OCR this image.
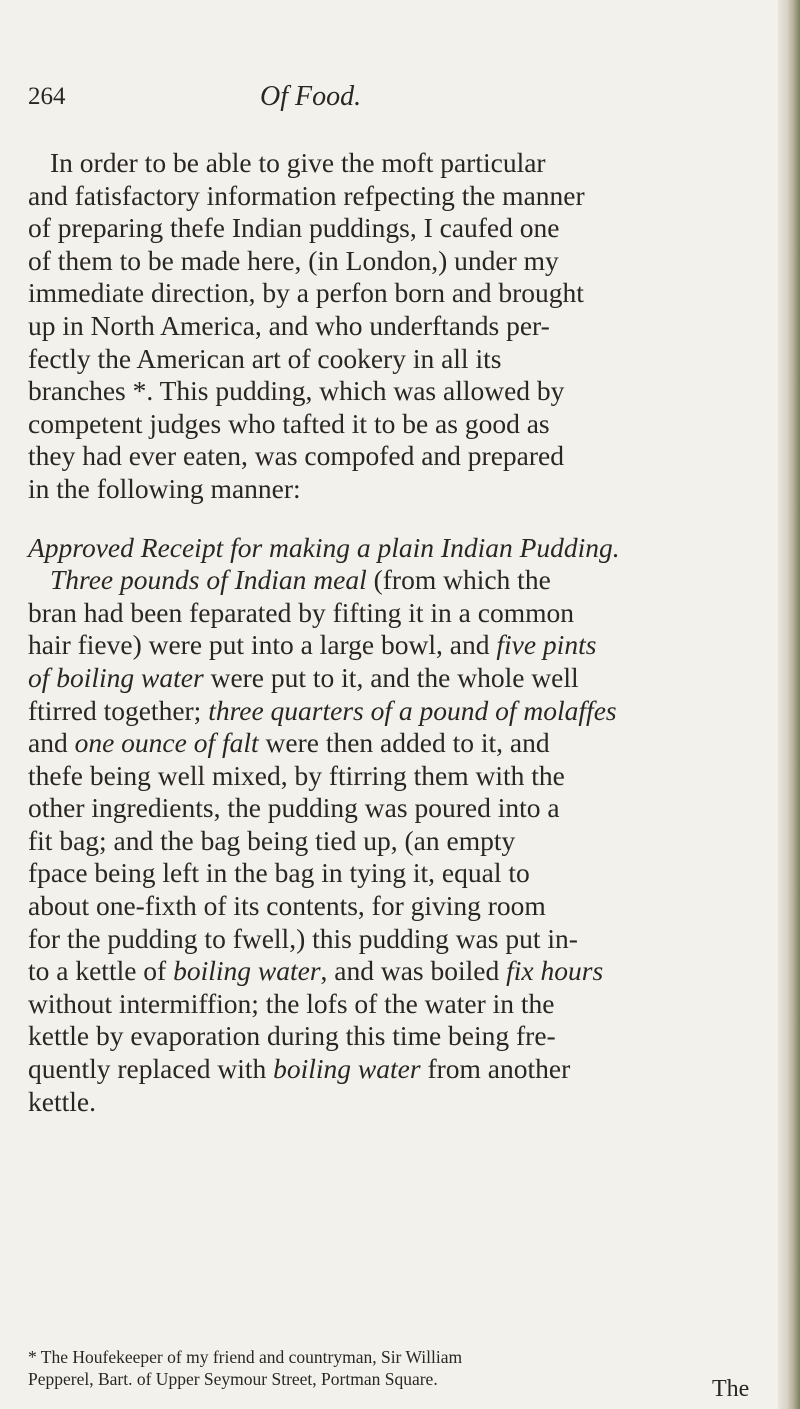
264	Of Food.
In order to be able to give the moft particular
and fatisfactory information refpecting the manner
of preparing thefe Indian puddings, I caufed one
of them to be made here, (in London,) under my
immediate direction, by a perfon born and brought
up in North America, and who underftands per-
fectly the American art of cookery in all its
branches *. This pudding, which was allowed by
competent judges who tafted it to be as good as
they had ever eaten, was compofed and prepared
in the following manner:
Approved Receipt for making a plain Indian Pudding.
Three pounds of Indian meal (from which the
bran had been feparated by fifting it in a common
hair fieve) were put into a large bowl, and five pints
of boiling water were put to it, and the whole well
ftirred together; three quarters of a pound of molaffes
and one ounce of falt were then added to it, and
thefe being well mixed, by ftirring them with the
other ingredients, the pudding was poured into a
fit bag; and the bag being tied up, (an empty
fpace being left in the bag in tying it, equal to
about one-fixth of its contents, for giving room
for the pudding to fwell,) this pudding was put in-
to a kettle of boiling water, and was boiled fix hours
without intermiffion; the lofs of the water in the
kettle by evaporation during this time being fre-
quently replaced with boiling water from another
kettle.
* The Houfekeeper of my friend and countryman, Sir William
Pepperel, Bart. of Upper Seymour Street, Portman Square.	The
